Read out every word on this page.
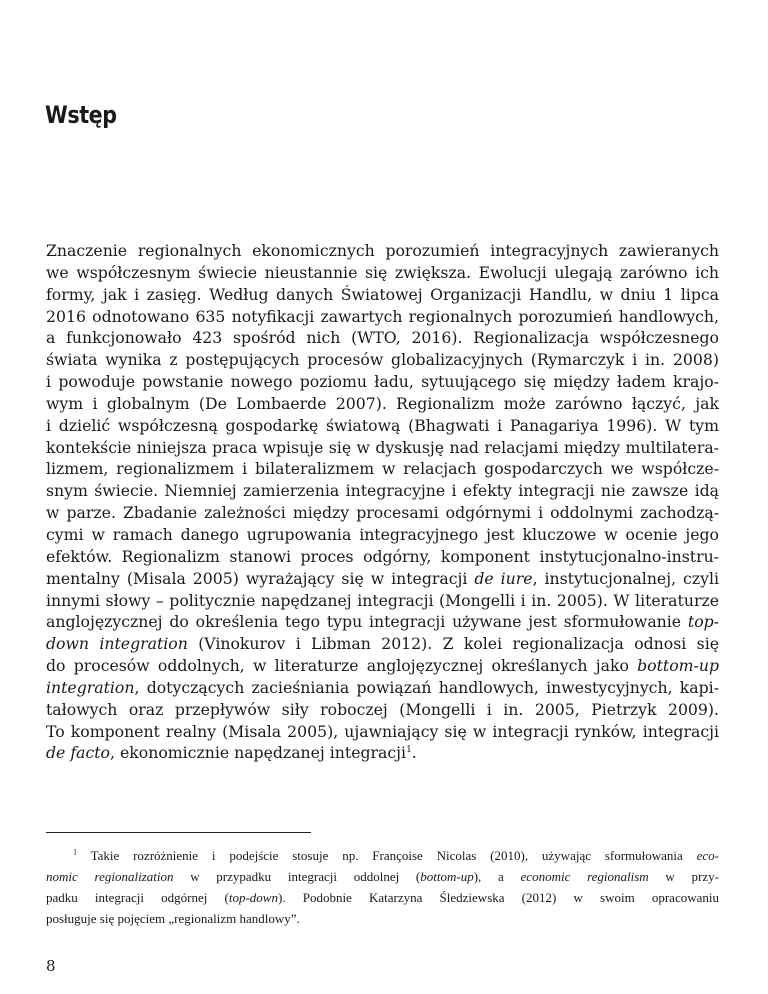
Wstęp
Znaczenie regionalnych ekonomicznych porozumień integracyjnych zawieranych
we współczesnym świecie nieustannie się zwiększa. Ewolucji ulegają zarówno ich
formy, jak i zasięg. Według danych Światowej Organizacji Handlu, w dniu 1 lipca
2016 odnotowano 635 notyfikacji zawartych regionalnych porozumień handlowych,
a funkcjonowało 423 spośród nich (WTO, 2016). Regionalizacja współczesnego
świata wynika z postępujących procesów globalizacyjnych (Rymarczyk i in. 2008)
i powoduje powstanie nowego poziomu ładu, sytuującego się między ładem krajo-
wym i globalnym (De Lombaerde 2007). Regionalizm może zarówno łączyć, jak
i dzielić współczesną gospodarkę światową (Bhagwati i Panagariya 1996). W tym
kontekście niniejsza praca wpisuje się w dyskusję nad relacjami między multilatera-
lizmem, regionalizmem i bilateralizmem w relacjach gospodarczych we współcze-
snym świecie. Niemniej zamierzenia integracyjne i efekty integracji nie zawsze idą
w parze. Zbadanie zależności między procesami odgórnymi i oddolnymi zachodzą-
cymi w ramach danego ugrupowania integracyjnego jest kluczowe w ocenie jego
efektów. Regionalizm stanowi proces odgórny, komponent instytucjonalno-instru-
mentalny (Misala 2005) wyrażający się w integracji de iure, instytucjonalnej, czyli
innymi słowy – politycznie napędzanej integracji (Mongelli i in. 2005). W literaturze
anglojęzycznej do określenia tego typu integracji używane jest sformułowanie top-
down integration (Vinokurov i Libman 2012). Z kolei regionalizacja odnosi się
do procesów oddolnych, w literaturze anglojęzycznej określanych jako bottom-up
integration, dotyczących zacieśniania powiązań handlowych, inwestycyjnych, kapi-
tałowych oraz przepływów siły roboczej (Mongelli i in. 2005, Pietrzyk 2009).
To komponent realny (Misala 2005), ujawniający się w integracji rynków, integracji
de facto, ekonomicznie napędzanej integracji$^1$.
$^1$ Takie rozróżnienie i podejście stosuje np. Françoise Nicolas (2010), używając sformułowania eco-
nomic regionalization w przypadku integracji oddolnej (bottom-up), a economic regionalism w przy-
padku integracji odgórnej (top-down). Podobnie Katarzyna Śledziewska (2012) w swoim opracowaniu
posługuje się pojęciem „regionalizm handlowy”.
8
